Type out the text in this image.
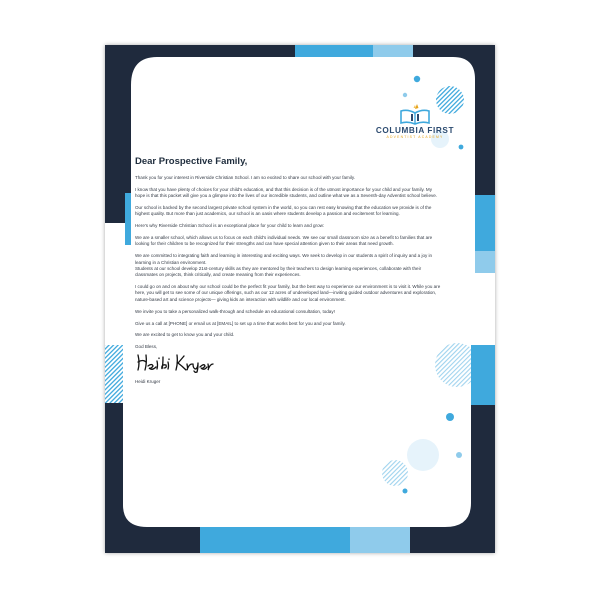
COLUMBIA FIRST
ADVENTIST ACADEMY

Dear Prospective Family,

Thank you for your interest in Riverside Christian School. I am so excited to share our school with your family.

I know that you have plenty of choices for your child's education, and that this decision is of the utmost importance for your child and your family. My hope is that this packet will give you a glimpse into the lives of our incredible students, and outline what we as a Seventh-day Adventist school believe.

Our school is backed by the second largest private school system in the world, so you can rest easy knowing that the education we provide is of the highest quality. But more than just academics, our school is an oasis where students develop a passion and excitement for learning.

Here's why Riverside Christian School is an exceptional place for your child to learn and grow:

We are a smaller school, which allows us to focus on each child's individual needs. We see our small classroom size as a benefit to families that are looking for their children to be recognized for their strengths and can have special attention given to their areas that need growth.

We are committed to integrating faith and learning in interesting and exciting ways. We seek to develop in our students a spirit of inquiry and a joy in learning in a Christian environment.

Students at our school develop 21st-century skills as they are mentored by their teachers to design learning experiences, collaborate with their classmates on projects, think critically, and create meaning from their experiences.

I could go on and on about why our school could be the perfect fit your family, but the best way to experience our environment is to visit it. While you are here, you will get to see some of our unique offerings, such as our 12 acres of undeveloped land—inviting guided outdoor adventures and exploration, nature-based art and science projects— giving kids an interaction with wildlife and our local environment.

We invite you to take a personalized walk-through and schedule an educational consultation, today!

Give us a call at [PHONE] or email us at [EMAIL] to set up a time that works best for you and your family.

We are excited to get to know you and your child.

God Bless,

Heidi Kruger
